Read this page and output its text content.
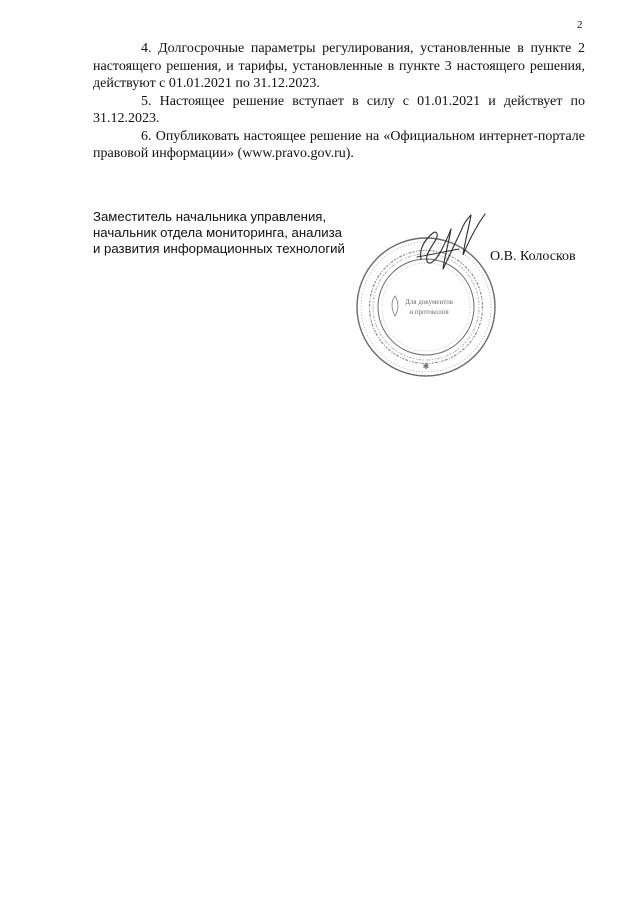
2

4. Долгосрочные параметры регулирования, установленные в пункте 2 настоящего решения, и тарифы, установленные в пункте 3 настоящего решения, действуют с 01.01.2021 по 31.12.2023.

5. Настоящее решение вступает в силу с 01.01.2021 и действует по 31.12.2023.

6. Опубликовать настоящее решение на «Официальном интернет-портале правовой информации» (www.pravo.gov.ru).

Заместитель начальника управления,
начальник отдела мониторинга, анализа
и развития информационных технологий
✱
Для документов
и протоколов
О.В. Колосков
